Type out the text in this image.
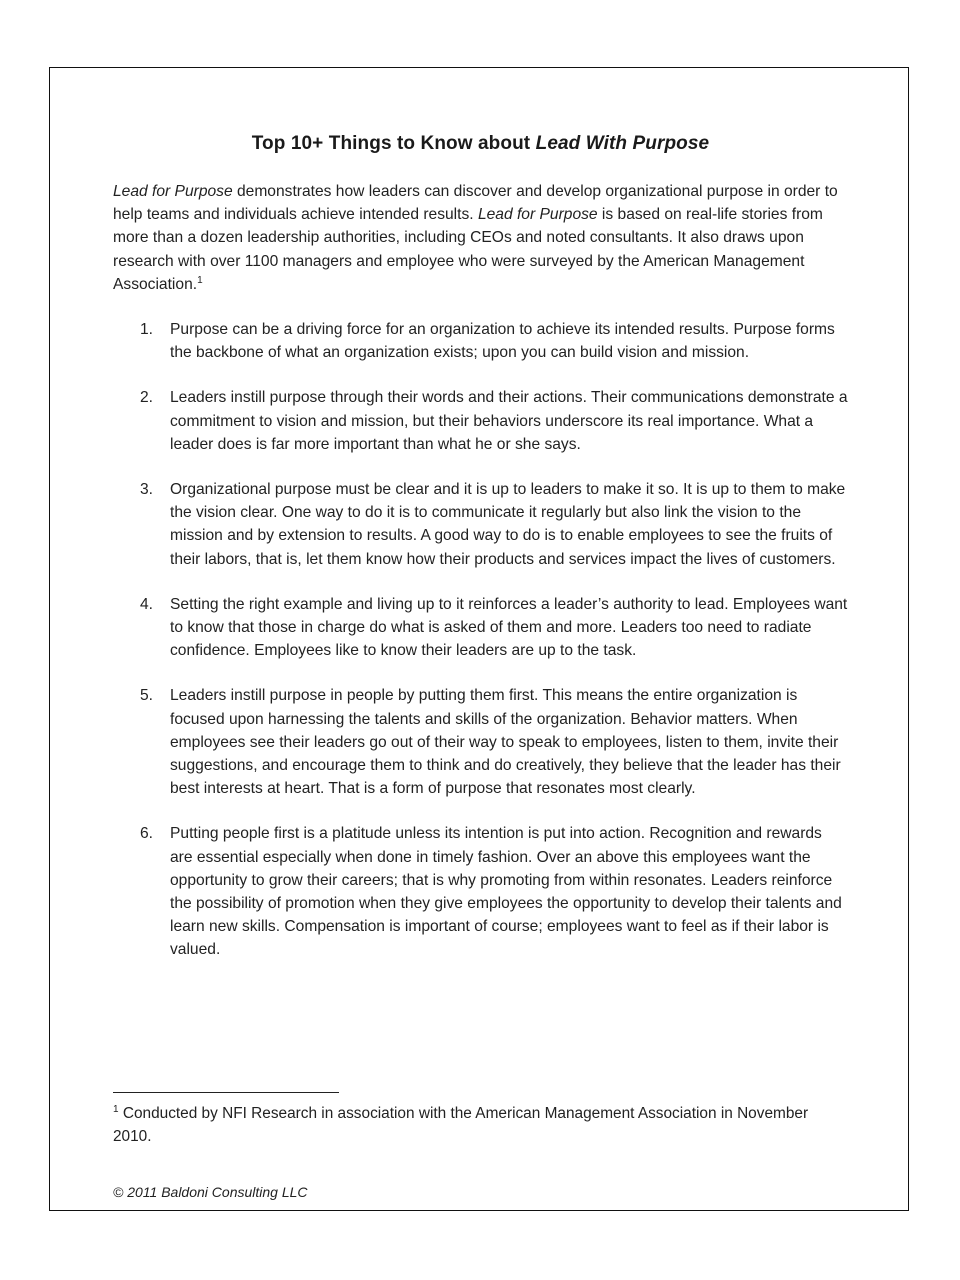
Top 10+ Things to Know about Lead With Purpose

Lead for Purpose demonstrates how leaders can discover and develop organizational purpose in order to help teams and individuals achieve intended results. Lead for Purpose is based on real-life stories from more than a dozen leadership authorities, including CEOs and noted consultants. It also draws upon research with over 1100 managers and employee who were surveyed by the American Management Association.$^1$

1. Purpose can be a driving force for an organization to achieve its intended results. Purpose forms the backbone of what an organization exists; upon you can build vision and mission.
2. Leaders instill purpose through their words and their actions. Their communications demonstrate a commitment to vision and mission, but their behaviors underscore its real importance. What a leader does is far more important than what he or she says.
3. Organizational purpose must be clear and it is up to leaders to make it so. It is up to them to make the vision clear. One way to do it is to communicate it regularly but also link the vision to the mission and by extension to results. A good way to do is to enable employees to see the fruits of their labors, that is, let them know how their products and services impact the lives of customers.
4. Setting the right example and living up to it reinforces a leader’s authority to lead. Employees want to know that those in charge do what is asked of them and more. Leaders too need to radiate confidence. Employees like to know their leaders are up to the task.
5. Leaders instill purpose in people by putting them first. This means the entire organization is focused upon harnessing the talents and skills of the organization. Behavior matters. When employees see their leaders go out of their way to speak to employees, listen to them, invite their suggestions, and encourage them to think and do creatively, they believe that the leader has their best interests at heart. That is a form of purpose that resonates most clearly.
6. Putting people first is a platitude unless its intention is put into action. Recognition and rewards are essential especially when done in timely fashion. Over an above this employees want the opportunity to grow their careers; that is why promoting from within resonates. Leaders reinforce the possibility of promotion when they give employees the opportunity to develop their talents and learn new skills. Compensation is important of course; employees want to feel as if their labor is valued.

$^1$ Conducted by NFI Research in association with the American Management Association in November 2010.

© 2011 Baldoni Consulting LLC
